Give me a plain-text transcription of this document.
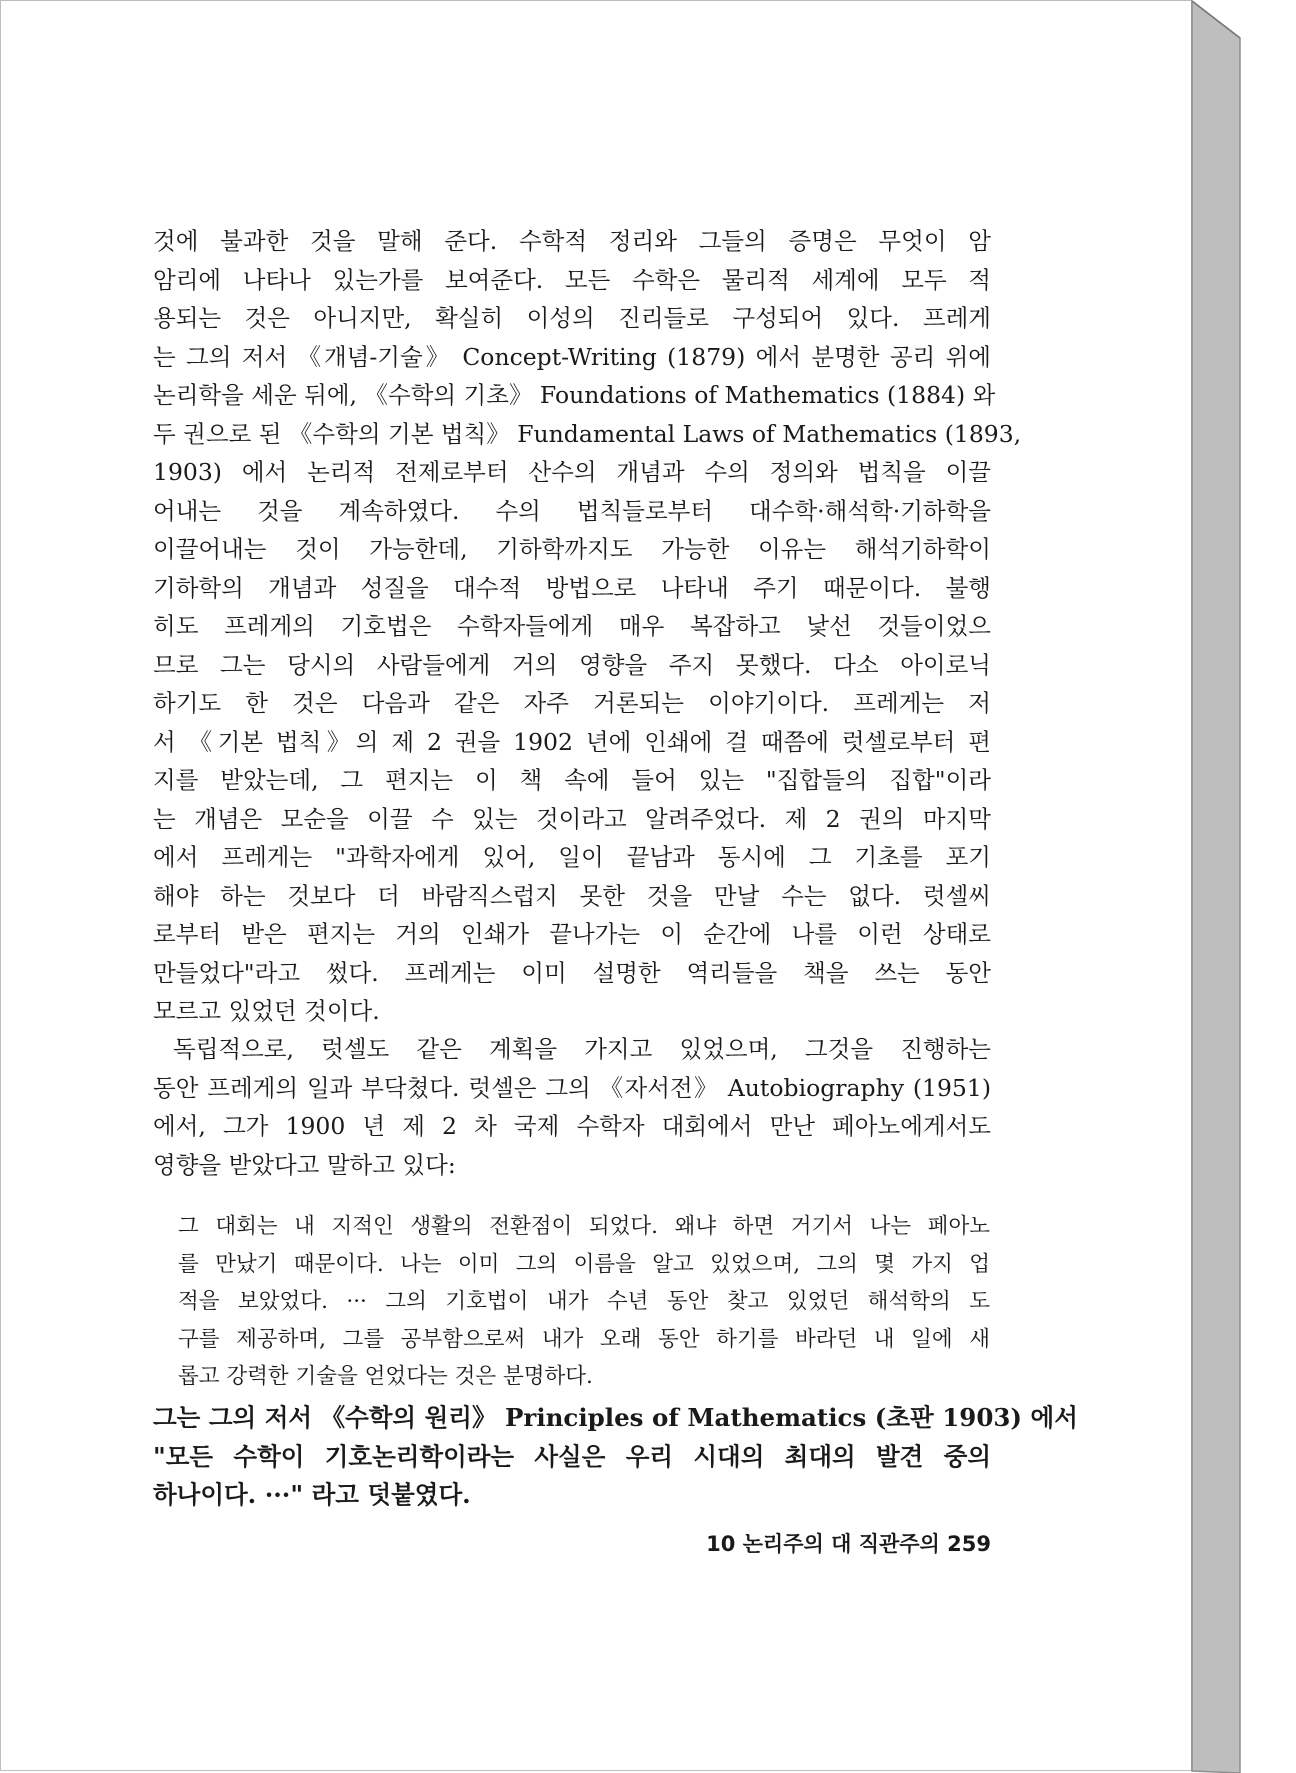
것에 불과한 것을 말해 준다. 수학적 정리와 그들의 증명은 무엇이 암
암리에 나타나 있는가를 보여준다. 모든 수학은 물리적 세계에 모두 적
용되는 것은 아니지만, 확실히 이성의 진리들로 구성되어 있다. 프레게
는 그의 저서 《개념-기술》 Concept-Writing (1879) 에서 분명한 공리 위에
논리학을 세운 뒤에, 《수학의 기초》 Foundations of Mathematics (1884) 와
두 권으로 된 《수학의 기본 법칙》 Fundamental Laws of Mathematics (1893,
1903) 에서 논리적 전제로부터 산수의 개념과 수의 정의와 법칙을 이끌
어내는 것을 계속하였다. 수의 법칙들로부터 대수학·해석학·기하학을
이끌어내는 것이 가능한데, 기하학까지도 가능한 이유는 해석기하학이
기하학의 개념과 성질을 대수적 방법으로 나타내 주기 때문이다. 불행
히도 프레게의 기호법은 수학자들에게 매우 복잡하고 낯선 것들이었으
므로 그는 당시의 사람들에게 거의 영향을 주지 못했다. 다소 아이로닉
하기도 한 것은 다음과 같은 자주 거론되는 이야기이다. 프레게는 저
서 《기본 법칙》의 제 2 권을 1902 년에 인쇄에 걸 때쯤에 럿셀로부터 편
지를 받았는데, 그 편지는 이 책 속에 들어 있는 "집합들의 집합"이라
는 개념은 모순을 이끌 수 있는 것이라고 알려주었다. 제 2 권의 마지막
에서 프레게는 "과학자에게 있어, 일이 끝남과 동시에 그 기초를 포기
해야 하는 것보다 더 바람직스럽지 못한 것을 만날 수는 없다. 럿셀씨
로부터 받은 편지는 거의 인쇄가 끝나가는 이 순간에 나를 이런 상태로
만들었다"라고 썼다. 프레게는 이미 설명한 역리들을 책을 쓰는 동안
모르고 있었던 것이다.
독립적으로, 럿셀도 같은 계획을 가지고 있었으며, 그것을 진행하는
동안 프레게의 일과 부닥쳤다. 럿셀은 그의 《자서전》 Autobiography (1951)
에서, 그가 1900 년 제 2 차 국제 수학자 대회에서 만난 페아노에게서도
영향을 받았다고 말하고 있다:
그 대회는 내 지적인 생활의 전환점이 되었다. 왜냐 하면 거기서 나는 페아노
를 만났기 때문이다. 나는 이미 그의 이름을 알고 있었으며, 그의 몇 가지 업
적을 보았었다. ··· 그의 기호법이 내가 수년 동안 찾고 있었던 해석학의 도
구를 제공하며, 그를 공부함으로써 내가 오래 동안 하기를 바라던 내 일에 새
롭고 강력한 기술을 얻었다는 것은 분명하다.
그는 그의 저서 《수학의 원리》 Principles of Mathematics (초판 1903) 에서
"모든 수학이 기호논리학이라는 사실은 우리 시대의 최대의 발견 중의
하나이다. ···" 라고 덧붙였다.
10 논리주의 대 직관주의 259
